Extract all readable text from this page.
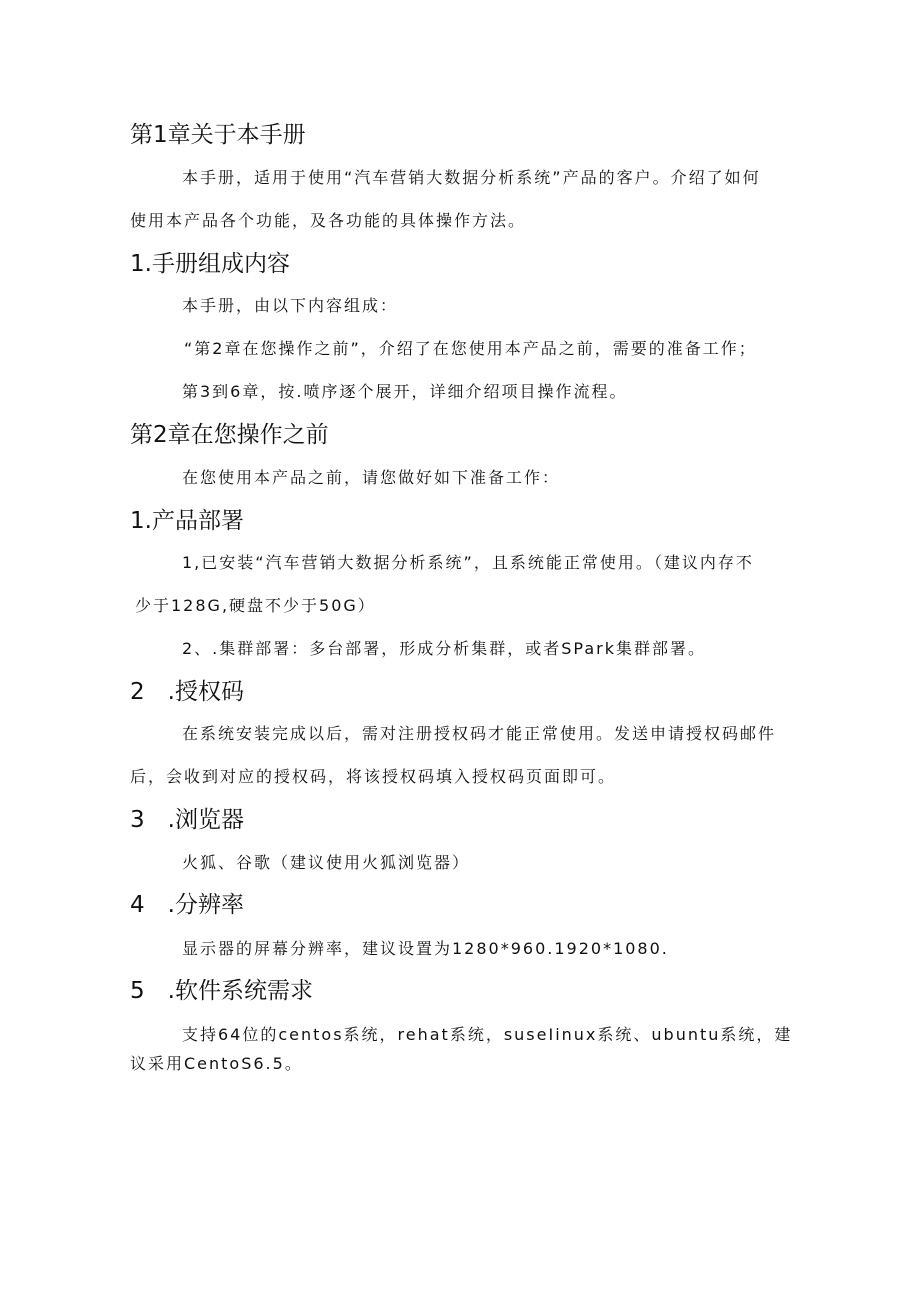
第1章关于本手册
本手册，适用于使用“汽车营销大数据分析系统”产品的客户。介绍了如何
使用本产品各个功能，及各功能的具体操作方法。
1.手册组成内容
本手册，由以下内容组成：
“第2章在您操作之前”，介绍了在您使用本产品之前，需要的准备工作；
第3到6章，按.喷序逐个展开，详细介绍项目操作流程。
第2章在您操作之前
在您使用本产品之前，请您做好如下准备工作：
1.产品部署
1,已安装“汽车营销大数据分析系统”，且系统能正常使用。（建议内存不
少于128G,硬盘不少于50G）
2、.集群部署：多台部署，形成分析集群，或者SPark集群部署。
2　.授权码
在系统安装完成以后，需对注册授权码才能正常使用。发送申请授权码邮件
后，会收到对应的授权码，将该授权码填入授权码页面即可。
3　.浏览器
火狐、谷歌（建议使用火狐浏览器）
4　.分辨率
显示器的屏幕分辨率，建议设置为1280*960.1920*1080.
5　.软件系统需求
支持64位的centos系统，rehat系统，suseIinux系统、ubuntu系统，建
议采用CentoS6.5。
